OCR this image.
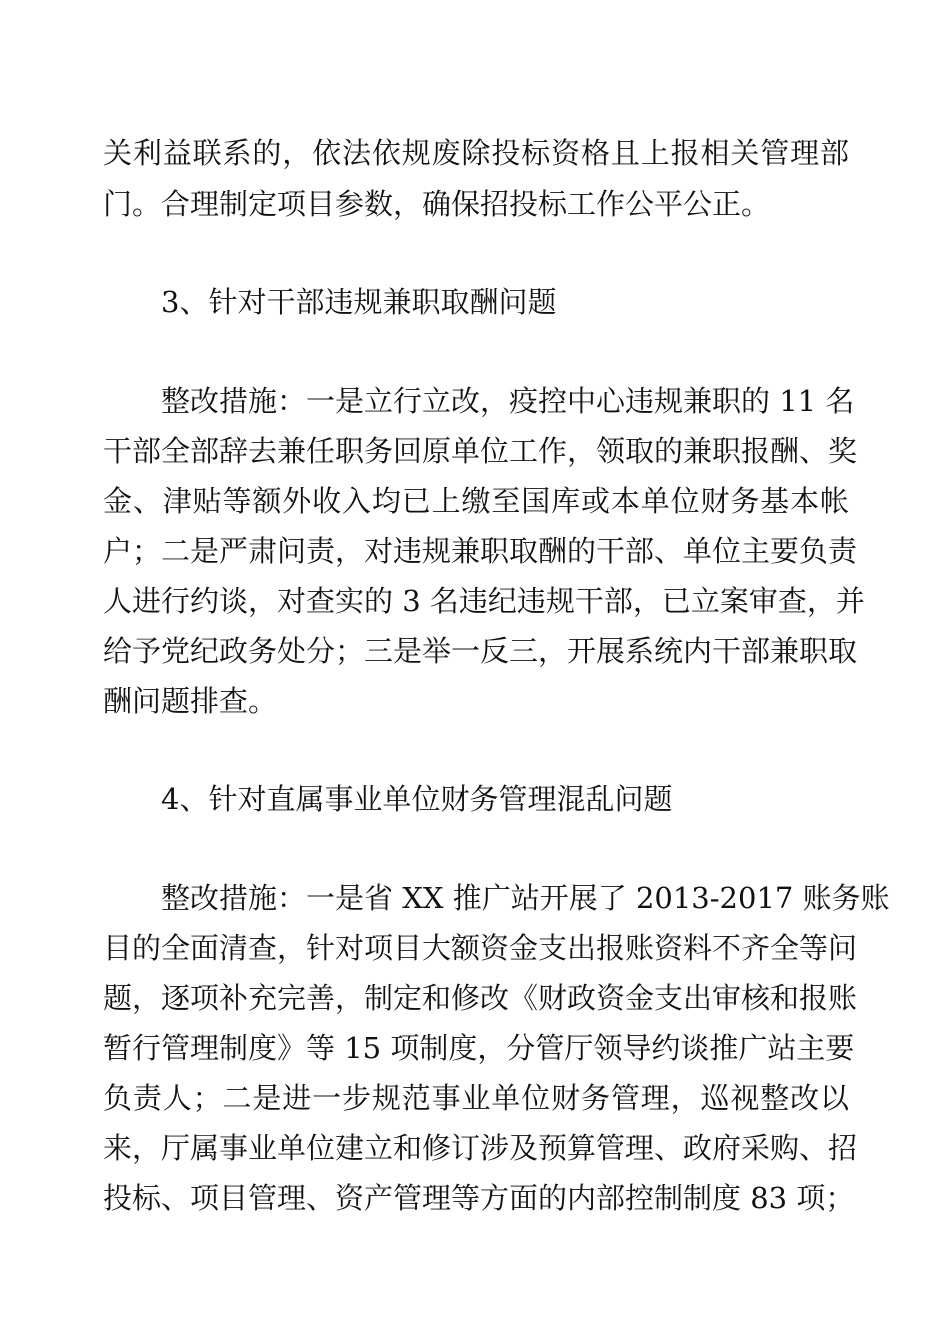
关利益联系的，依法依规废除投标资格且上报相关管理部
门。合理制定项目参数，确保招投标工作公平公正。
3、针对干部违规兼职取酬问题
整改措施：一是立行立改，疫控中心违规兼职的 11 名
干部全部辞去兼任职务回原单位工作，领取的兼职报酬、奖
金、津贴等额外收入均已上缴至国库或本单位财务基本帐
户；二是严肃问责，对违规兼职取酬的干部、单位主要负责
人进行约谈，对查实的 3 名违纪违规干部，已立案审查，并
给予党纪政务处分；三是举一反三，开展系统内干部兼职取
酬问题排查。
4、针对直属事业单位财务管理混乱问题
整改措施：一是省 XX 推广站开展了 2013-2017 账务账
目的全面清查，针对项目大额资金支出报账资料不齐全等问
题，逐项补充完善，制定和修改《财政资金支出审核和报账
暂行管理制度》等 15 项制度，分管厅领导约谈推广站主要
负责人；二是进一步规范事业单位财务管理，巡视整改以
来，厅属事业单位建立和修订涉及预算管理、政府采购、招
投标、项目管理、资产管理等方面的内部控制制度 83 项；
